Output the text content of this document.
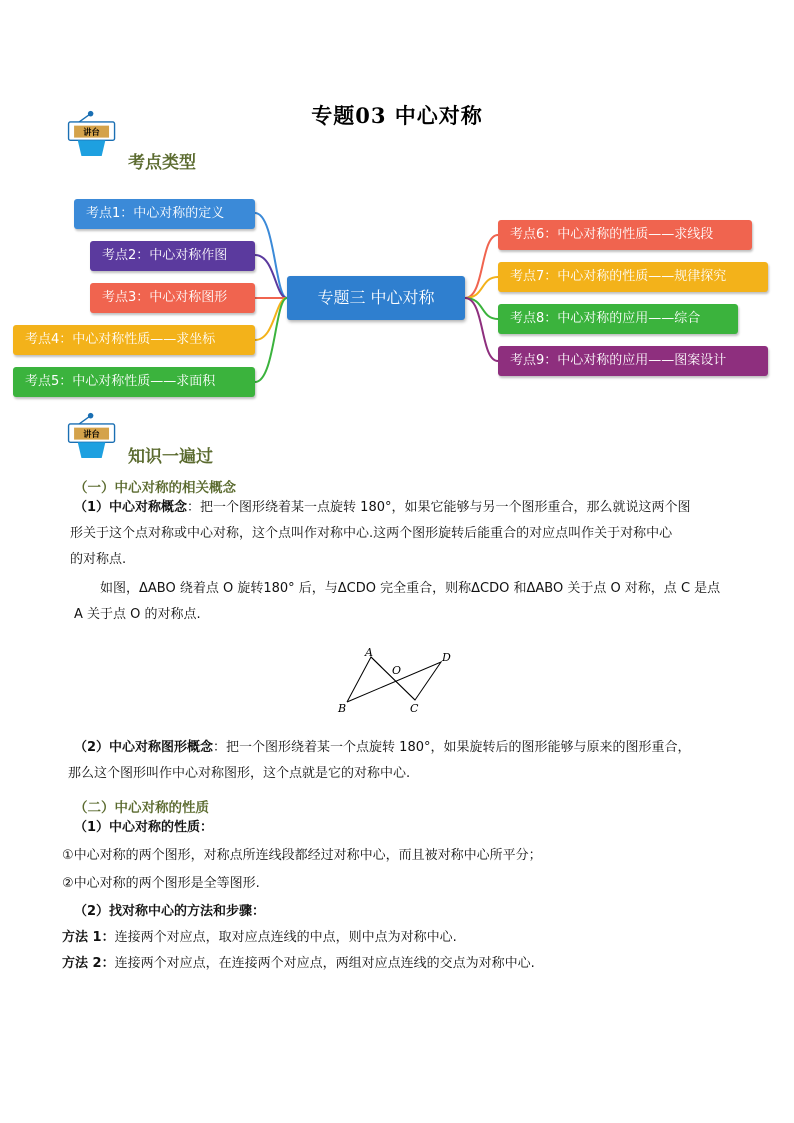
专题03 中心对称
讲台
考点类型
考点1：中心对称的定义
考点2：中心对称作图
考点3：中心对称图形
考点4：中心对称性质——求坐标
考点5：中心对称性质——求面积
专题三 中心对称
考点6：中心对称的性质——求线段
考点7：中心对称的性质——规律探究
考点8：中心对称的应用——综合
考点9：中心对称的应用——图案设计
讲台
知识一遍过
（一）中心对称的相关概念
（1）中心对称概念：把一个图形绕着某一点旋转 180°，如果它能够与另一个图形重合，那么就说这两个图
形关于这个点对称或中心对称，这个点叫作对称中心.这两个图形旋转后能重合的对应点叫作关于对称中心
的对称点.
如图，ΔABO 绕着点 O 旋转180° 后，与ΔCDO 完全重合，则称ΔCDO 和ΔABO 关于点 O 对称，点 C 是点
A 关于点 O 的对称点.
A
B	C
D
O
（2）中心对称图形概念：把一个图形绕着某一个点旋转 180°，如果旋转后的图形能够与原来的图形重合，
那么这个图形叫作中心对称图形，这个点就是它的对称中心.
（二）中心对称的性质
（1）中心对称的性质：
①中心对称的两个图形，对称点所连线段都经过对称中心，而且被对称中心所平分；
②中心对称的两个图形是全等图形.
（2）找对称中心的方法和步骤：
方法 1：连接两个对应点，取对应点连线的中点，则中点为对称中心.
方法 2：连接两个对应点，在连接两个对应点，两组对应点连线的交点为对称中心.
